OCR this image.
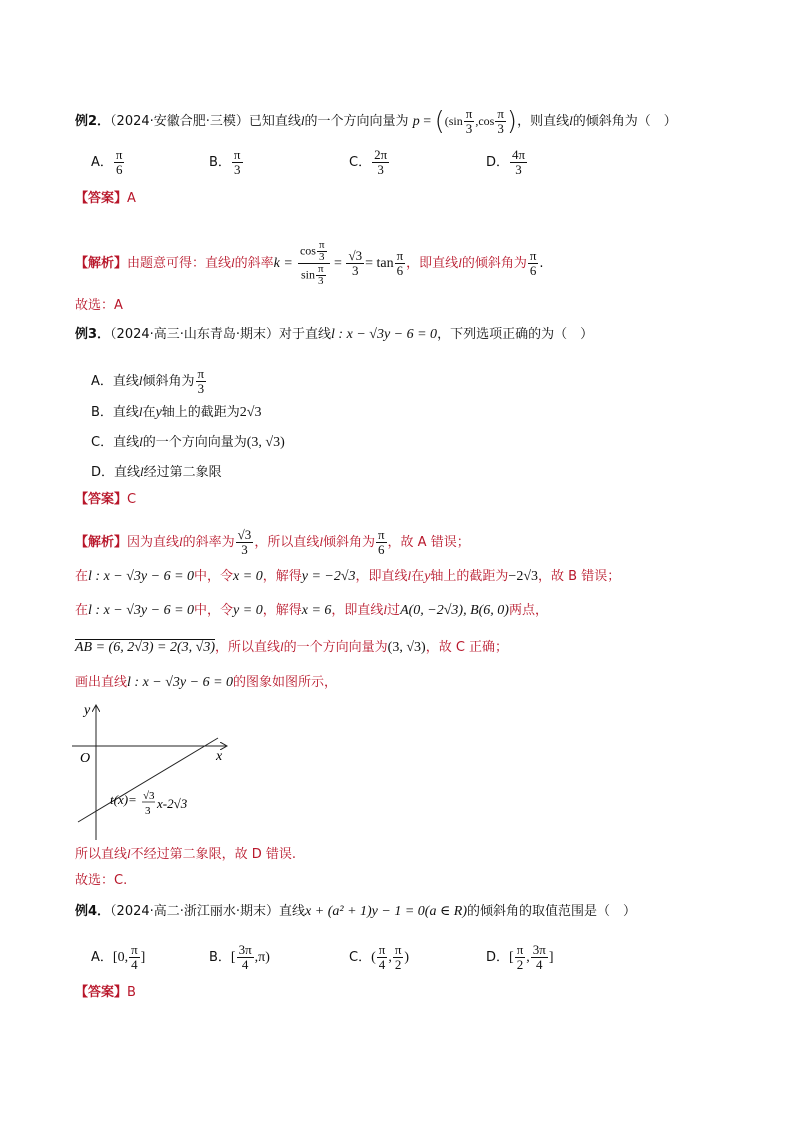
例2．（2024·安徽合肥·三模）已知直线l的一个方向向量为 $p = ((\sin \frac{\pi}{3} ,\cos \frac{\pi}{3}$ )，则直线l的倾斜角为（　）
A． $\frac{\pi}{6}$	B． $\frac{\pi}{3}$	C． $\frac{2\pi}{3}$	D． $\frac{4\pi}{3}$
【答案】A
【解析】由题意可得：直线l的斜率$k = \frac{\cos \frac{\pi}{3}}{\sin \frac{\pi}{3}} = \frac{√3}{3} = \tan \frac{\pi}{6}$ ，即直线l的倾斜角为 $\frac{\pi}{6}$ .
故选：A
例3．（2024·高三·山东青岛·期末）对于直线l : x − √3y − 6 = 0，下列选项正确的为（　）
A．直线l倾斜角为 $\frac{\pi}{3}$
B．直线l在y轴上的截距为2√3
C．直线l的一个方向向量为(3, √3)
D．直线l经过第二象限
【答案】C
【解析】因为直线l的斜率为 $\frac{√3}{3}$ ，所以直线l倾斜角为 $\frac{\pi}{6}$ ，故 A 错误；
在l : x − √3y − 6 = 0中，令x = 0，解得y = −2√3，即直线l在y轴上的截距为−2√3，故 B 错误；
在l : x − √3y − 6 = 0中，令y = 0，解得x = 6，即直线l过A(0, −2√3), B(6, 0)两点，
AB = (6, 2√3) = 2(3, √3)，所以直线l的一个方向向量为(3, √3)，故 C 正确；
画出直线l : x − √3y − 6 = 0的图象如图所示，
y
x
O
t(x)= √3
3 x-2√3
所以直线l不经过第二象限，故 D 错误.
故选：C.
例4．（2024·高二·浙江丽水·期末）直线x + (a² + 1)y − 1 = 0(a ∈ R)的倾斜角的取值范围是（　）
A．[0, $\frac{\pi}{4}$ ]	B．[ $\frac{3\pi}{4} ,\pi$)	C．( $\frac{\pi}{4}$ , $\frac{\pi}{2}$ )	D．[ $\frac{\pi}{2}$ , $\frac{3\pi}{4}$ ]
【答案】B
